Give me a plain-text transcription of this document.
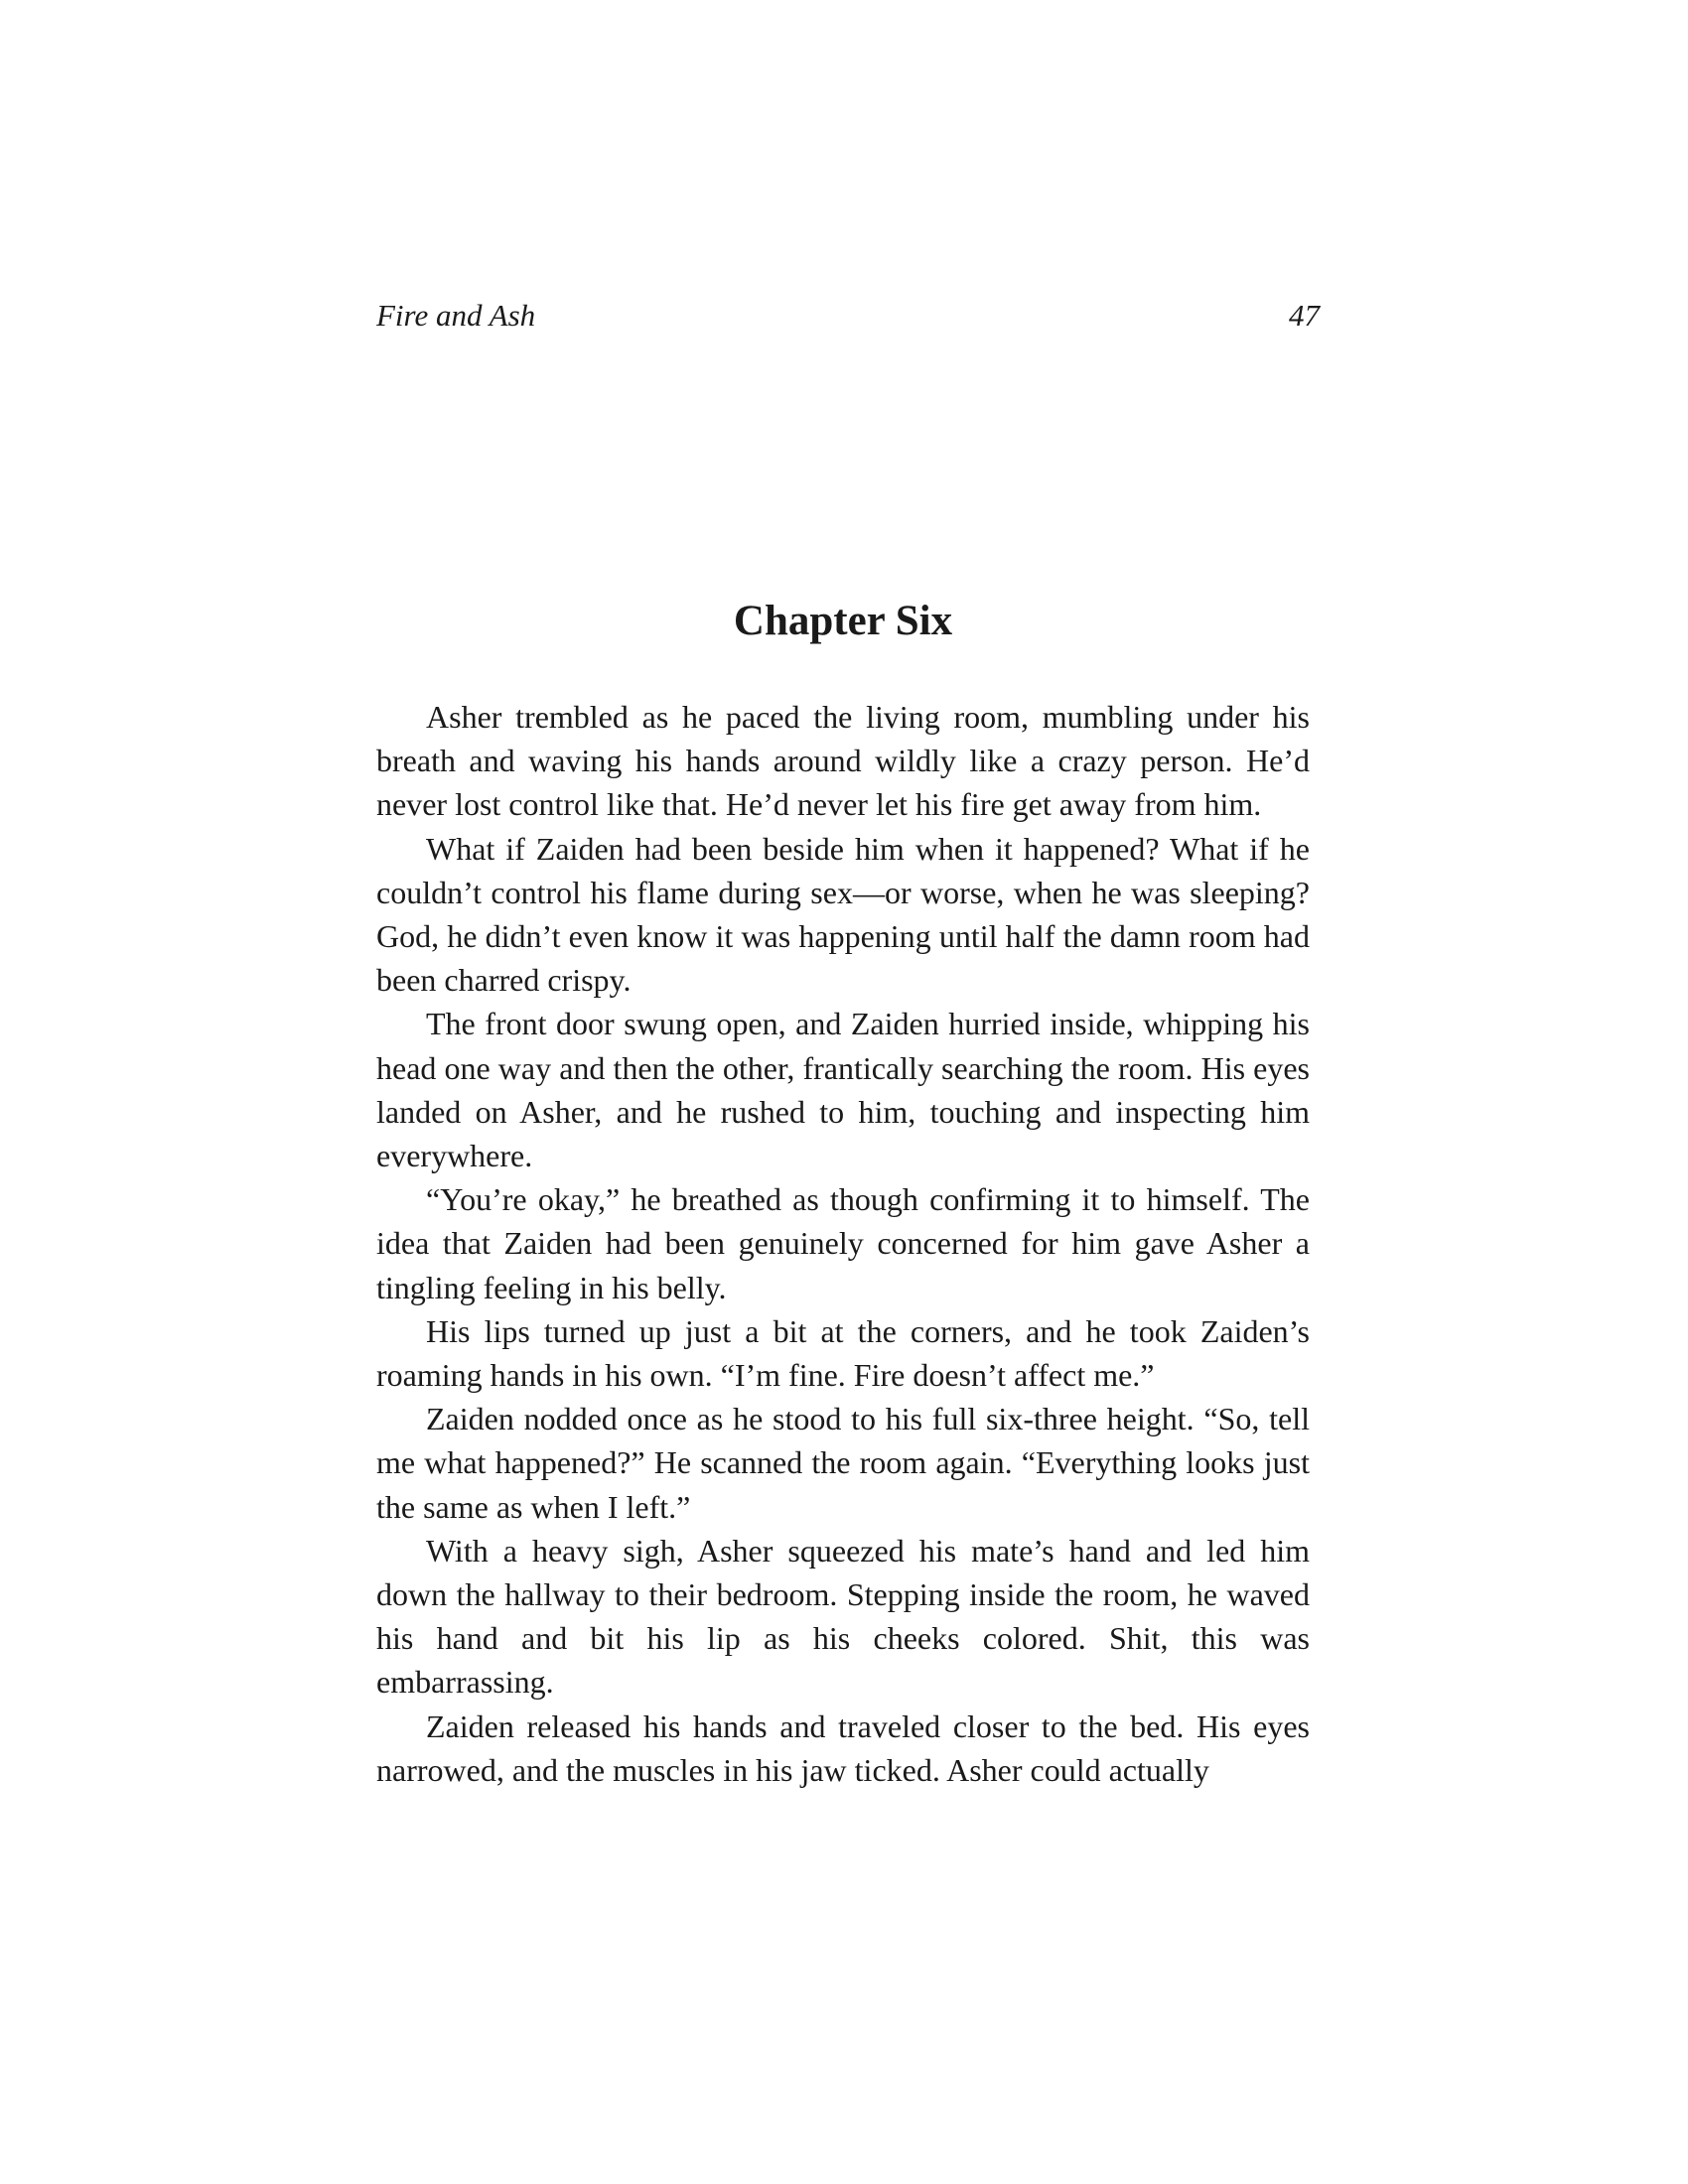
Fire and Ash	47
Chapter Six

Asher trembled as he paced the living room, mumbling under his breath and waving his hands around wildly like a crazy person. He’d never lost control like that. He’d never let his fire get away from him.

What if Zaiden had been beside him when it happened? What if he couldn’t control his flame during sex—or worse, when he was sleeping? God, he didn’t even know it was happening until half the damn room had been charred crispy.

The front door swung open, and Zaiden hurried inside, whipping his head one way and then the other, frantically searching the room. His eyes landed on Asher, and he rushed to him, touching and inspecting him everywhere.

“You’re okay,” he breathed as though confirming it to himself. The idea that Zaiden had been genuinely concerned for him gave Asher a tingling feeling in his belly.

His lips turned up just a bit at the corners, and he took Zaiden’s roaming hands in his own. “I’m fine. Fire doesn’t affect me.”

Zaiden nodded once as he stood to his full six-three height. “So, tell me what happened?” He scanned the room again. “Everything looks just the same as when I left.”

With a heavy sigh, Asher squeezed his mate’s hand and led him down the hallway to their bedroom. Stepping inside the room, he waved his hand and bit his lip as his cheeks colored. Shit, this was embarrassing.

Zaiden released his hands and traveled closer to the bed. His eyes narrowed, and the muscles in his jaw ticked. Asher could actually
